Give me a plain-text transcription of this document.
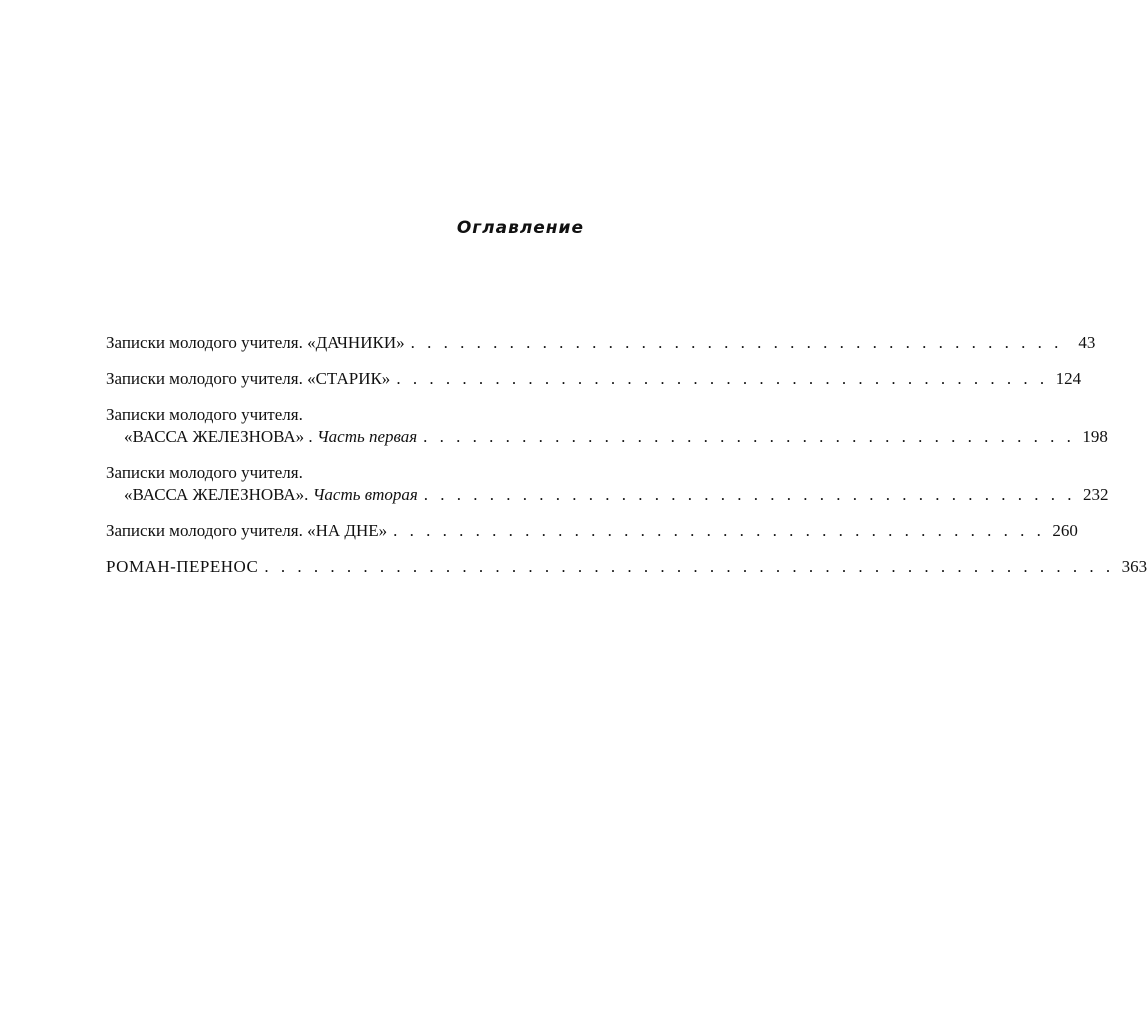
Оглавление
Записки молодого учителя. «ДАЧНИКИ» . . . . . . . . . . . . . . . . . . . . . . . . . . . . . . . . . . . . . . . . 43
Записки молодого учителя. «СТАРИК» . . . . . . . . . . . . . . . . . . . . . . . . . . . . . . . . . . . . . . . . 124
Записки молодого учителя.
«ВАССА ЖЕЛЕЗНОВА» . Часть первая . . . . . . . . . . . . . . . . . . . . . . . . . . . . . . . . . . . . . . . . 198
Записки молодого учителя.
«ВАССА ЖЕЛЕЗНОВА». Часть вторая . . . . . . . . . . . . . . . . . . . . . . . . . . . . . . . . . . . . . . . . 232
Записки молодого учителя. «НА ДНЕ» . . . . . . . . . . . . . . . . . . . . . . . . . . . . . . . . . . . . . . . . 260
РОМАН-ПЕРЕНОС . . . . . . . . . . . . . . . . . . . . . . . . . . . . . . . . . . . . . . . . . . . . . . . . . . . . 363
